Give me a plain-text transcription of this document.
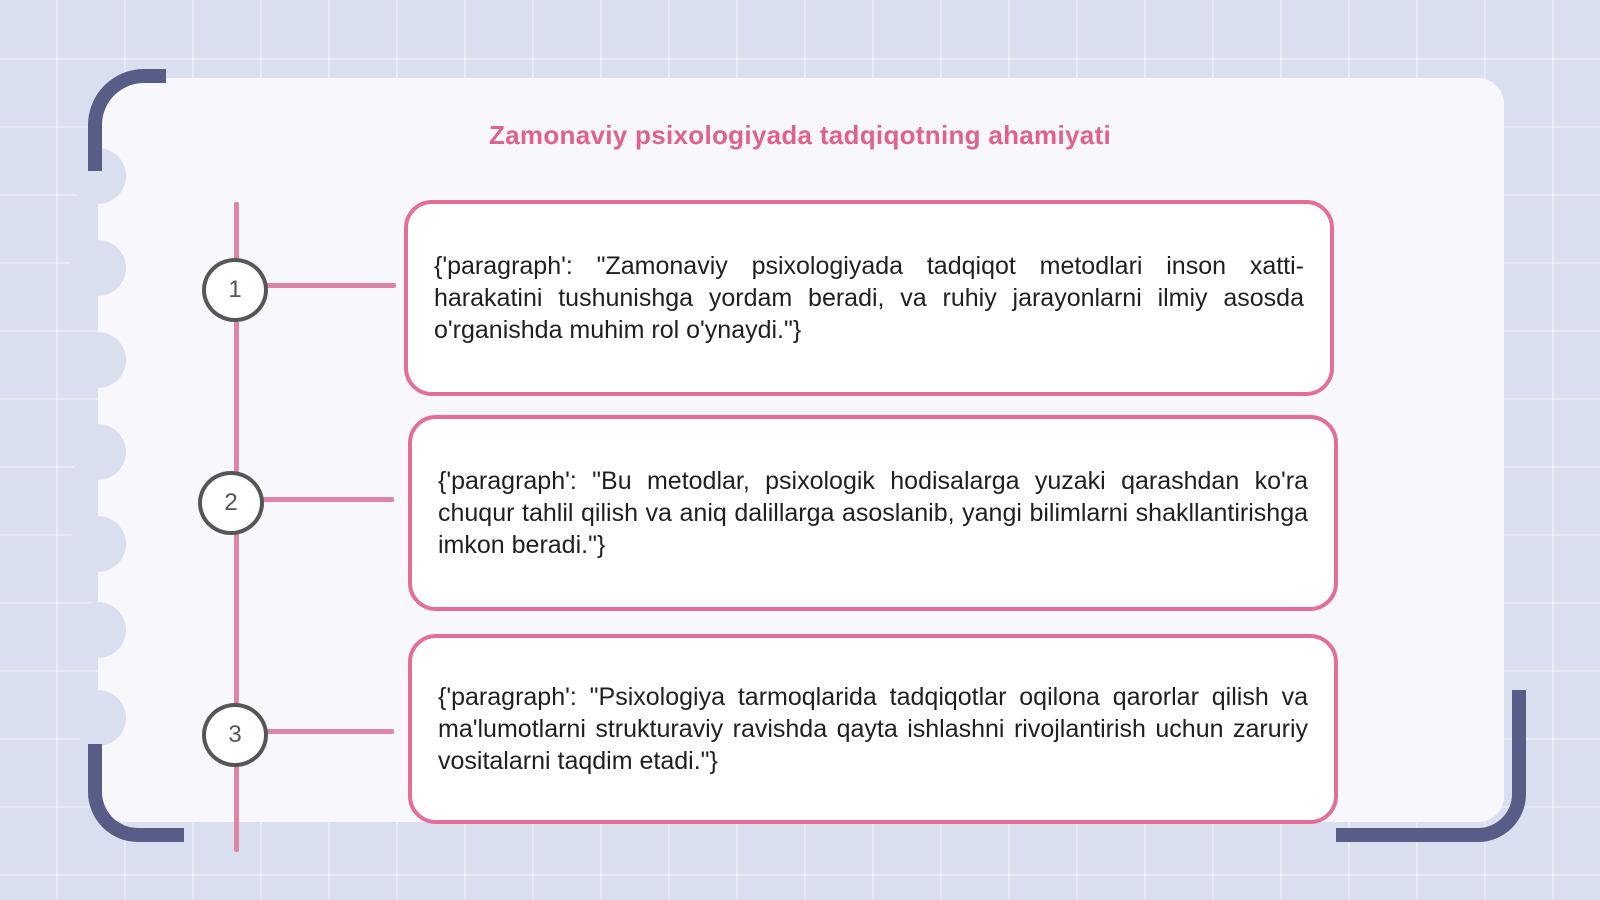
Zamonaviy psixologiyada tadqiqotning ahamiyati
1

{'paragraph': "Zamonaviy psixologiyada tadqiqot metodlari inson xatti-harakatini tushunishga yordam beradi, va ruhiy jarayonlarni ilmiy asosda o'rganishda muhim rol o'ynaydi."}

2

{'paragraph': "Bu metodlar, psixologik hodisalarga yuzaki qarashdan ko'ra chuqur tahlil qilish va aniq dalillarga asoslanib, yangi bilimlarni shakllantirishga imkon beradi."}

3

{'paragraph': "Psixologiya tarmoqlarida tadqiqotlar oqilona qarorlar qilish va ma'lumotlarni strukturaviy ravishda qayta ishlashni rivojlantirish uchun zaruriy vositalarni taqdim etadi."}
